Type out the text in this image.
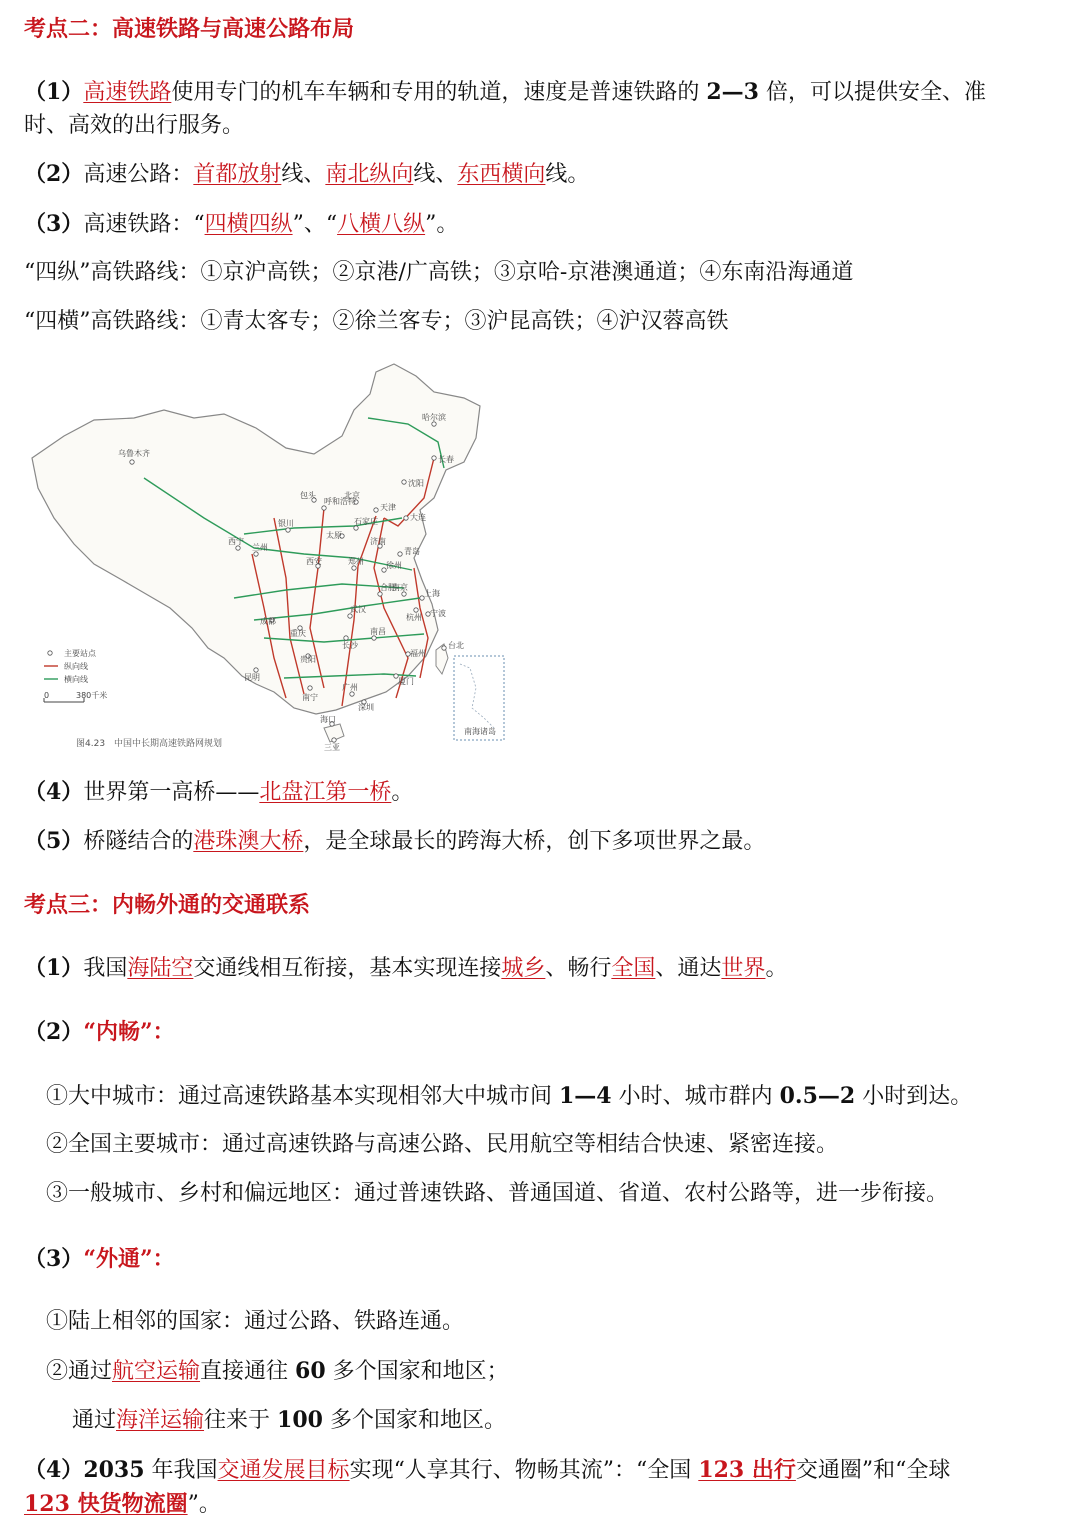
考点二：高速铁路与高速公路布局
（1）高速铁路使用专门的机车车辆和专用的轨道，速度是普速铁路的 2—3 倍，可以提供安全、准
时、高效的出行服务。
（2）高速公路：首都放射线、南北纵向线、东西横向线。
（3）高速铁路：“四横四纵”、“八横八纵”。
“四纵”高铁路线：①京沪高铁；②京港/广高铁；③京哈-京港澳通道；④东南沿海通道
“四横”高铁路线：①青太客专；②徐兰客专；③沪昆高铁；④沪汉蓉高铁
乌鲁木齐
哈尔滨
长春
沈阳
大连
北京
天津
呼和浩特
包头
太原
石家庄
济南
青岛
银川
兰州
西宁
西安	郑州	徐州
南京
上海
杭州 宁波
合肥
武汉
成都
重庆
贵阳
长沙
南昌
福州
厦门
昆明
南宁
广州
深圳
海口
三亚
台北
主要站点
纵向线
横向线
0	380千米
南海诸岛
图4.23　中国中长期高速铁路网规划
（4）世界第一高桥——北盘江第一桥。
（5）桥隧结合的港珠澳大桥，是全球最长的跨海大桥，创下多项世界之最。
考点三：内畅外通的交通联系
（1）我国海陆空交通线相互衔接，基本实现连接城乡、畅行全国、通达世界。
（2）“内畅”：
①大中城市：通过高速铁路基本实现相邻大中城市间 1—4 小时、城市群内 0.5—2 小时到达。
②全国主要城市：通过高速铁路与高速公路、民用航空等相结合快速、紧密连接。
③一般城市、乡村和偏远地区：通过普速铁路、普通国道、省道、农村公路等，进一步衔接。
（3）“外通”：
①陆上相邻的国家：通过公路、铁路连通。
②通过航空运输直接通往 60 多个国家和地区；
通过海洋运输往来于 100 多个国家和地区。
（4）2035 年我国交通发展目标实现“人享其行、物畅其流”：“全国 123 出行交通圈”和“全球
123 快货物流圈”。
